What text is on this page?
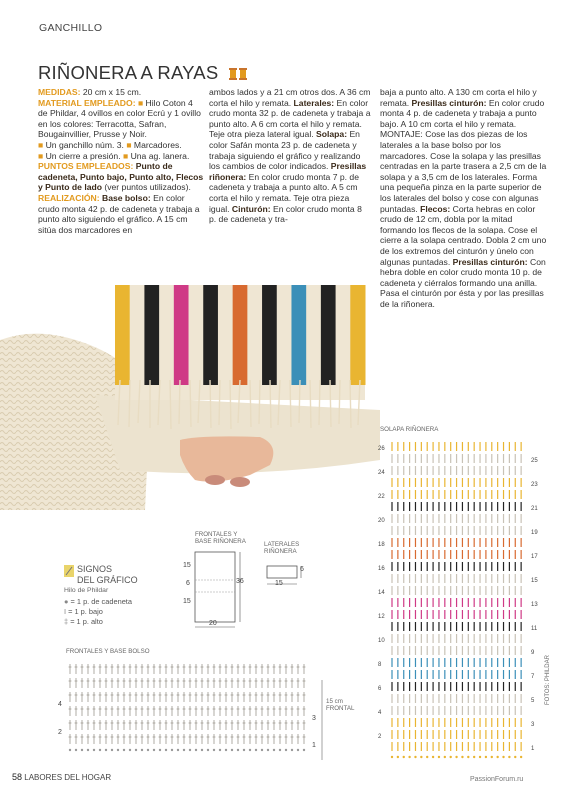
GANCHILLO
RIÑONERA A RAYAS

MEDIDAS: 20 cm x 15 cm.

MATERIAL EMPLEADO: ■ Hilo Coton 4 de Phildar, 4 ovillos en color Ecrú y 1 ovillo en los colores: Terracotta, Safran, Bougainvillier, Prusse y Noir.

■ Un ganchillo núm. 3. ■ Marcadores.

■ Un cierre a presión. ■ Una ag. lanera.

PUNTOS EMPLEADOS: Punto de cadeneta, Punto bajo, Punto alto, Flecos y Punto de lado (ver puntos utilizados).

REALIZACIÓN: Base bolso: En color crudo monta 42 p. de cadeneta y trabaja a punto alto siguiendo el gráfico. A 15 cm sitúa dos marcadores en

ambos lados y a 21 cm otros dos. A 36 cm corta el hilo y remata. Laterales: En color crudo monta 32 p. de cadeneta y trabaja a punto alto. A 6 cm corta el hilo y remata. Teje otra pieza lateral igual. Solapa: En color Safán monta 23 p. de cadeneta y trabaja siguiendo el gráfico y realizando los cambios de color indicados. Presillas riñonera: En color crudo monta 7 p. de cadeneta y trabaja a punto alto. A 5 cm corta el hilo y remata. Teje otra pieza igual. Cinturón: En color crudo monta 8 p. de cadeneta y tra-

baja a punto alto. A 130 cm corta el hilo y remata. Presillas cinturón: En color crudo monta 4 p. de cadeneta y trabaja a punto bajo. A 10 cm corta el hilo y remata.

MONTAJE: Cose las dos piezas de los laterales a la base bolso por los marcadores. Cose la solapa y las presillas centradas en la parte trasera a 2,5 cm de la solapa y a 3,5 cm de los laterales. Forma una pequeña pinza en la parte superior de los laterales del bolso y cose con algunas puntadas. Flecos: Corta hebras en color crudo de 12 cm, dobla por la mitad formando los flecos de la solapa. Cose el cierre a la solapa centrado. Dobla 2 cm uno de los extremos del cinturón y únelo con algunas puntadas. Presillas cinturón: Con hebra doble en color crudo monta 10 p. de cadeneta y ciérralos formando una anilla. Pasa el cinturón por ésta y por las presillas de la riñonera.

SIGNOS
DEL GRÁFICO
Hilo de Phildar
● = 1 p. de cadeneta
I = 1 p. bajo
‡ = 1 p. alto
FRONTALES Y
BASE RIÑONERA
15
6
15
36
20
LATERALES
RIÑONERA
6
15
FRONTALES Y BASE BOLSO
4
2
3
1
15 cm
FRONTAL
SOLAPA RIÑONERA
26
25
24
23
22
21
20
19
18
17
16
15
14
13
12
11
10
9
8
7
6
5
4
3
2
1
FOTOS: PHILDAR
PassionForum.ru
58 LABORES DEL HOGAR
